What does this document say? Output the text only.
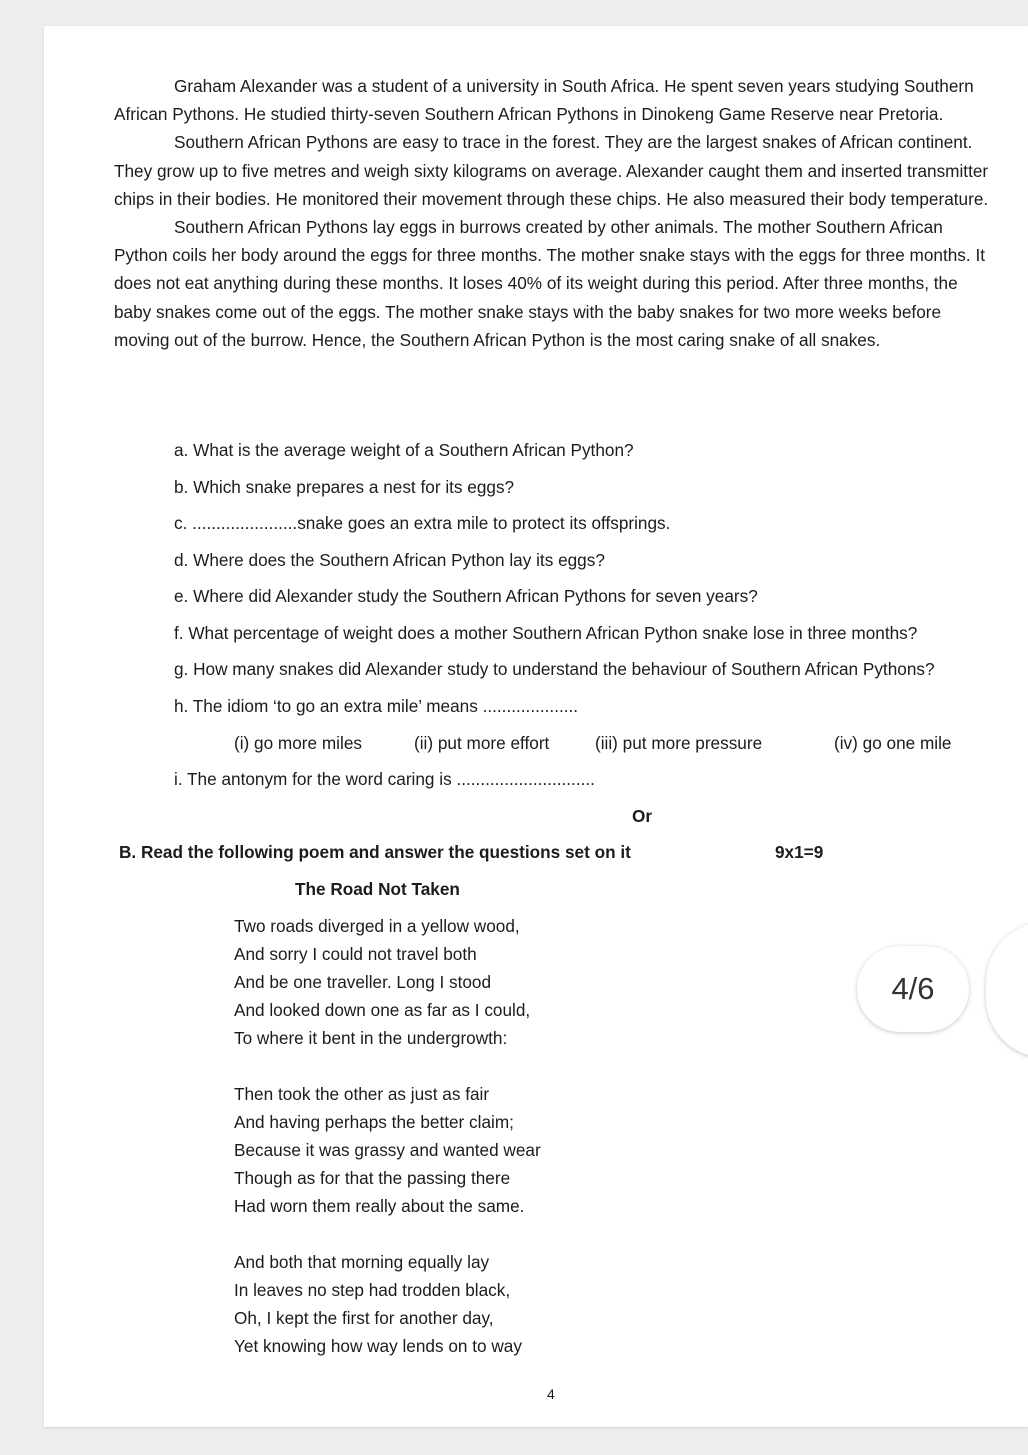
Graham Alexander was a student of a university in South Africa. He spent seven years studying Southern African Pythons. He studied thirty-seven Southern African Pythons in Dinokeng Game Reserve near Pretoria.

Southern African Pythons are easy to trace in the forest. They are the largest snakes of African continent. They grow up to five metres and weigh sixty kilograms on average. Alexander caught them and inserted transmitter chips in their bodies. He monitored their movement through these chips. He also measured their body temperature.

Southern African Pythons lay eggs in burrows created by other animals. The mother Southern African Python coils her body around the eggs for three months. The mother snake stays with the eggs for three months. It does not eat anything during these months. It loses 40% of its weight during this period. After three months, the baby snakes come out of the eggs. The mother snake stays with the baby snakes for two more weeks before moving out of the burrow. Hence, the Southern African Python is the most caring snake of all snakes.

a. What is the average weight of a Southern African Python?
b. Which snake prepares a nest for its eggs?
c. ......................snake goes an extra mile to protect its offsprings.
d. Where does the Southern African Python lay its eggs?
e. Where did Alexander study the Southern African Pythons for seven years?
f. What percentage of weight does a mother Southern African Python snake lose in three months?
g. How many snakes did Alexander study to understand the behaviour of Southern African Pythons?
h. The idiom ‘to go an extra mile’ means ....................
(i) go more miles	(ii) put more effort	(iii) put more pressure	(iv) go one mile
i. The antonym for the word caring is .............................
Or
B. Read the following poem and answer the questions set on it	9x1=9
The Road Not Taken
Two roads diverged in a yellow wood,
And sorry I could not travel both
And be one traveller. Long I stood
And looked down one as far as I could,
To where it bent in the undergrowth:
Then took the other as just as fair
And having perhaps the better claim;
Because it was grassy and wanted wear
Though as for that the passing there
Had worn them really about the same.
And both that morning equally lay
In leaves no step had trodden black,
Oh, I kept the first for another day,
Yet knowing how way lends on to way
4
4/6
